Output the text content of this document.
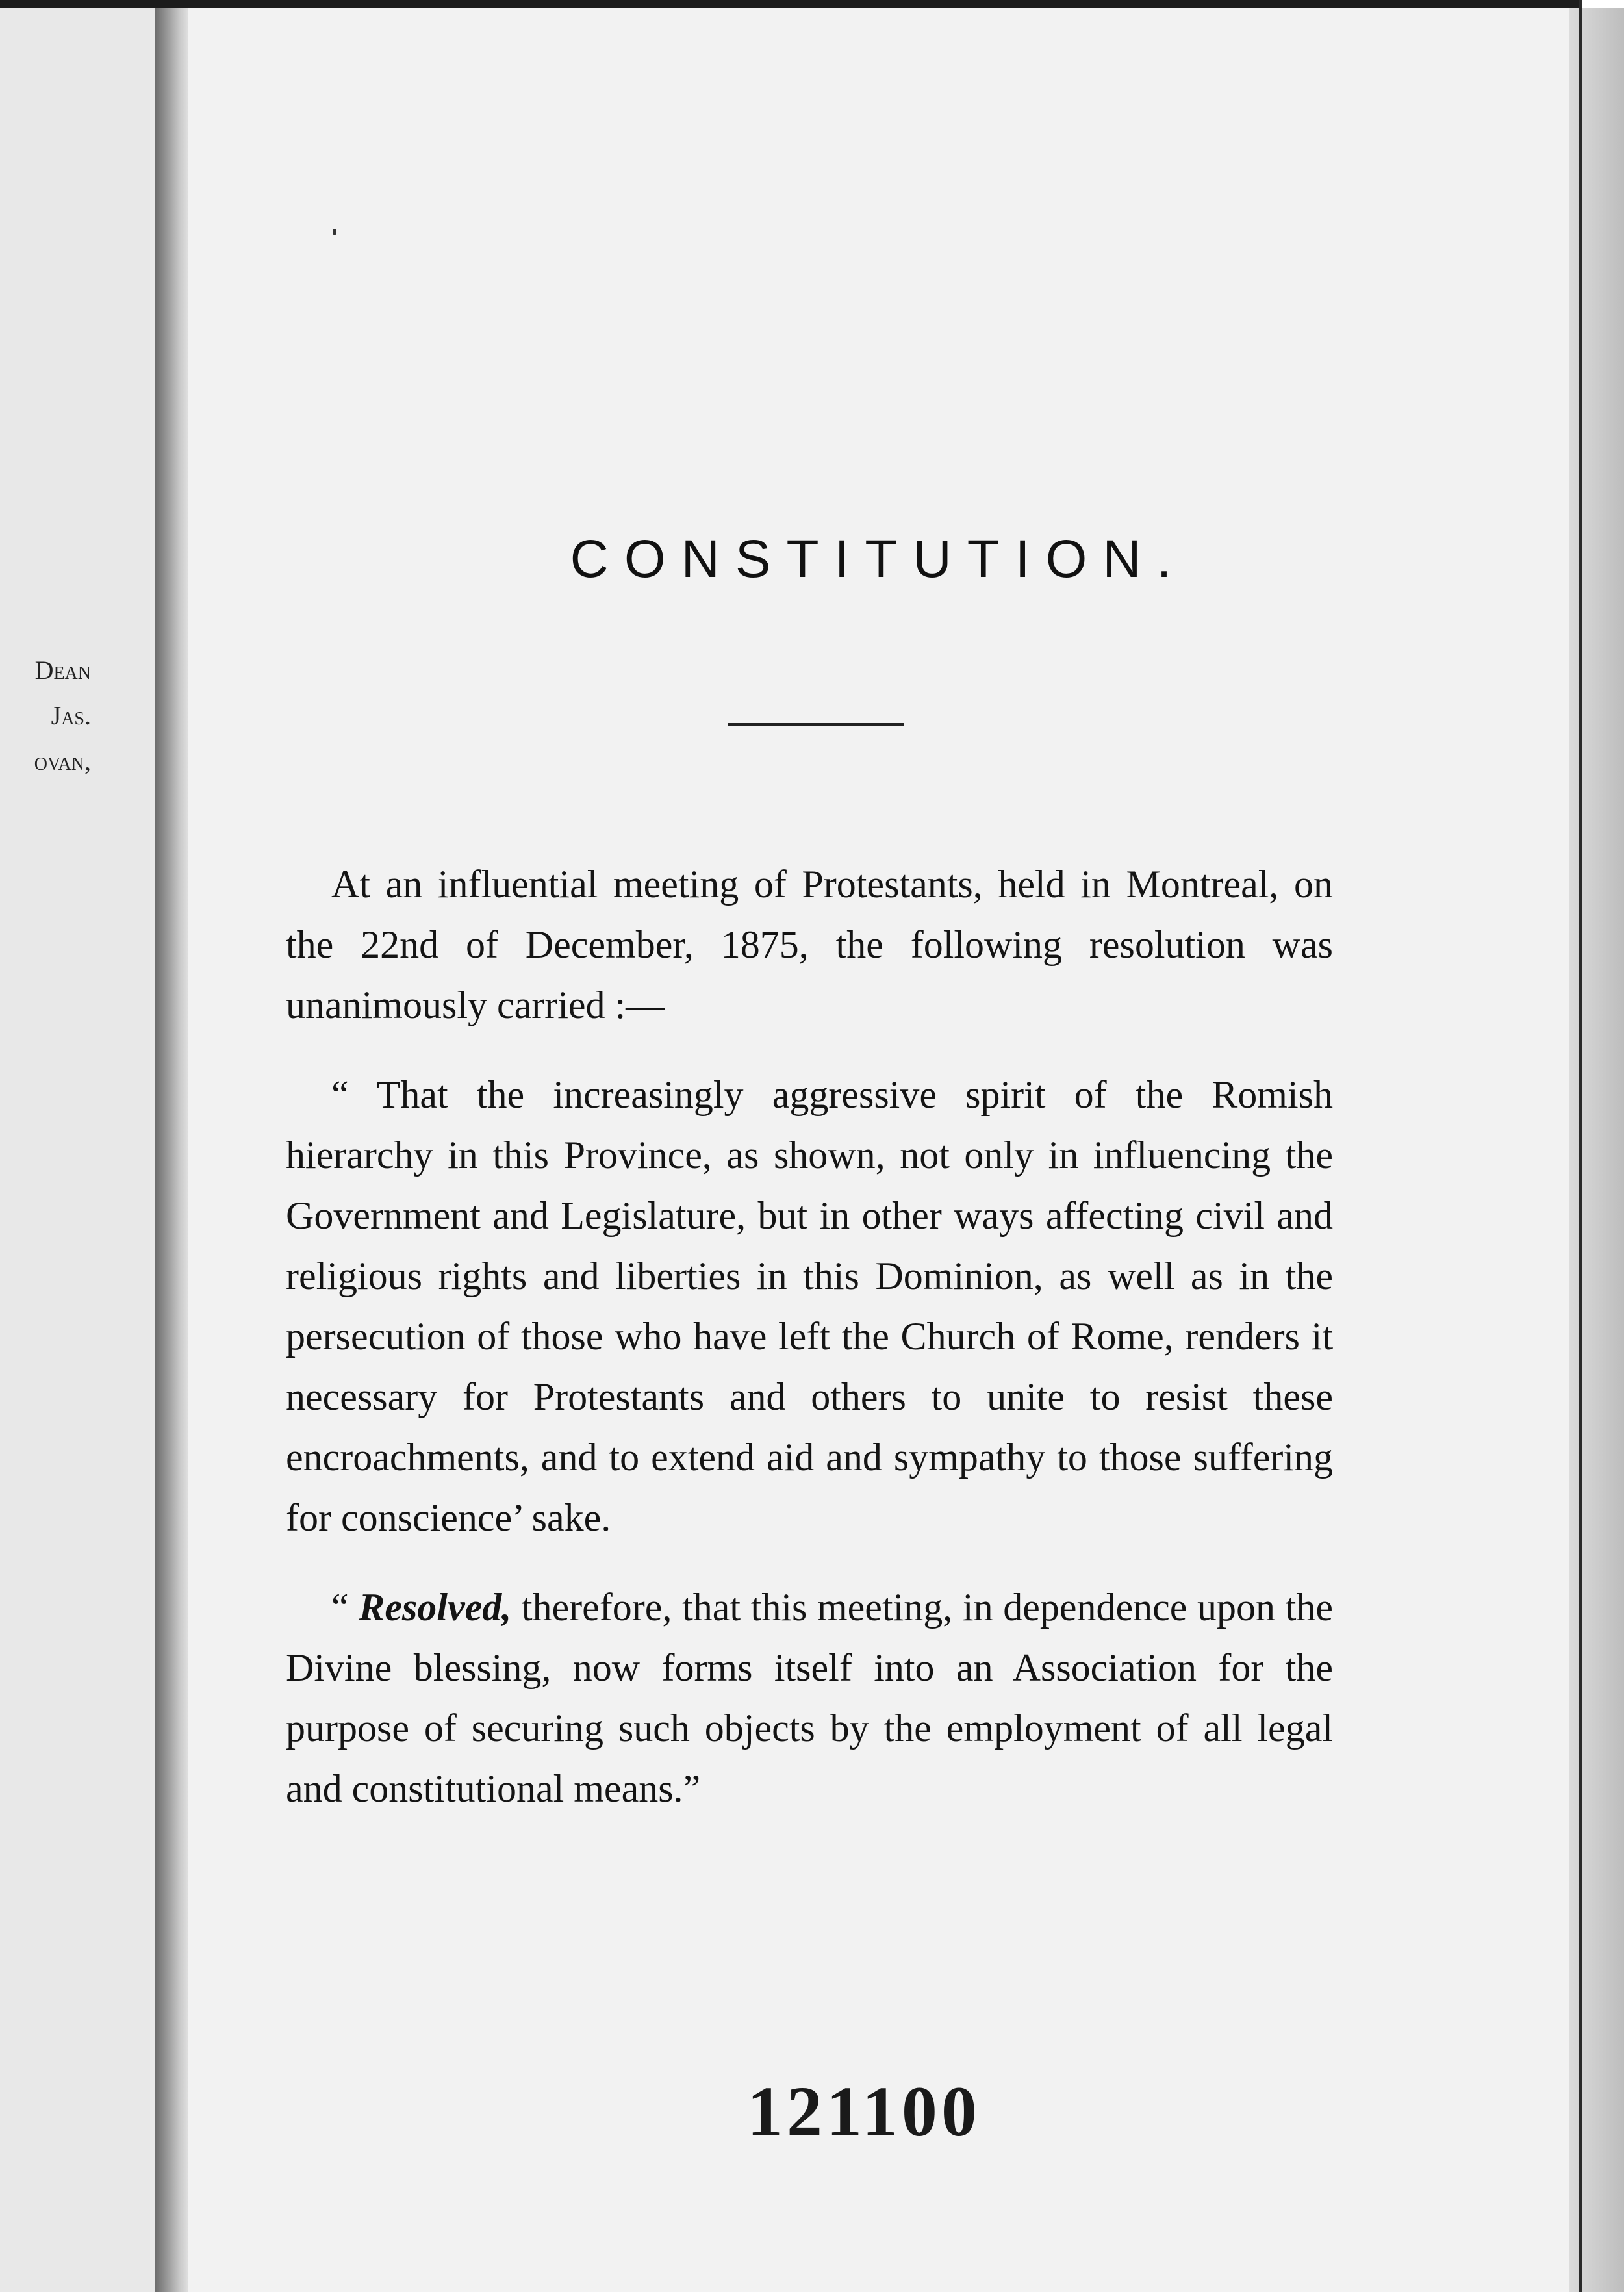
Dean
Jas.
ovan,
CONSTITUTION.

At an influential meeting of Protestants, held in Montreal, on the 22nd of December, 1875, the following resolution was unanimously carried :—

“ That the increasingly aggressive spirit of the Romish hierarchy in this Province, as shown, not only in influencing the Government and Legislature, but in other ways affecting civil and religious rights and liberties in this Dominion, as well as in the persecution of those who have left the Church of Rome, renders it necessary for Protestants and others to unite to resist these encroachments, and to extend aid and sympathy to those suffering for conscience’ sake.

“ Resolved, therefore, that this meeting, in dependence upon the Divine blessing, now forms itself into an Association for the purpose of securing such objects by the employment of all legal and constitutional means.”

121100
